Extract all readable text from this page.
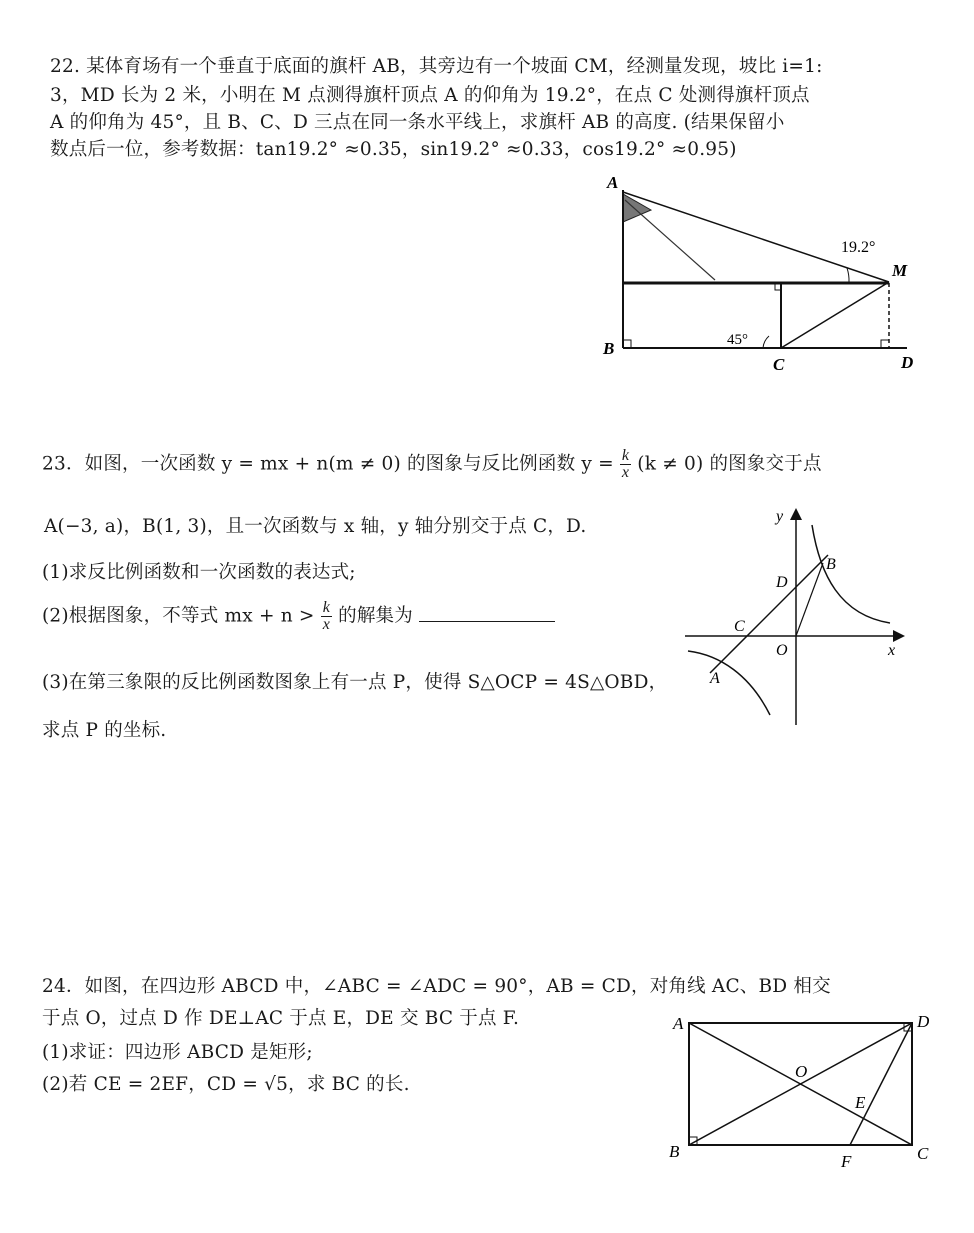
22. 某体育场有一个垂直于底面的旗杆 AB，其旁边有一个坡面 CM，经测量发现，坡比 i=1:
3，MD 长为 2 米，小明在 M 点测得旗杆顶点 A 的仰角为 19.2°，在点 C 处测得旗杆顶点
A 的仰角为 45°，且 B、C、D 三点在同一条水平线上，求旗杆 AB 的高度. (结果保留小
数点后一位，参考数据：tan19.2° ≈0.35，sin19.2° ≈0.33，cos19.2° ≈0.95)
A
B
C	D
M
19.2°
45°
23．如图，一次函数 y = mx + n(m ≠ 0) 的图象与反比例函数 $y = \frac{k}{x} (k \ne 0)$ 的图象交于点
A(−3, a)，B(1, 3)，且一次函数与 x 轴，y 轴分别交于点 C，D.
(1)求反比例函数和一次函数的表达式;
(2)根据图象，不等式 mx + $n > \frac{k}{x}$ 的解集为
(3)在第三象限的反比例函数图象上有一点 P，使得 S△OCP = 4S△OBD，
求点 P 的坐标.
y
x
O
A
B
C
D
24．如图，在四边形 ABCD 中，∠ABC = ∠ADC = 90°，AB = CD，对角线 AC、BD 相交
于点 O，过点 D 作 DE⊥AC 于点 E，DE 交 BC 于点 F.
(1)求证：四边形 ABCD 是矩形;
(2)若 CE = 2EF，CD = √5，求 BC 的长.
A	D
B	C
O
E
F
